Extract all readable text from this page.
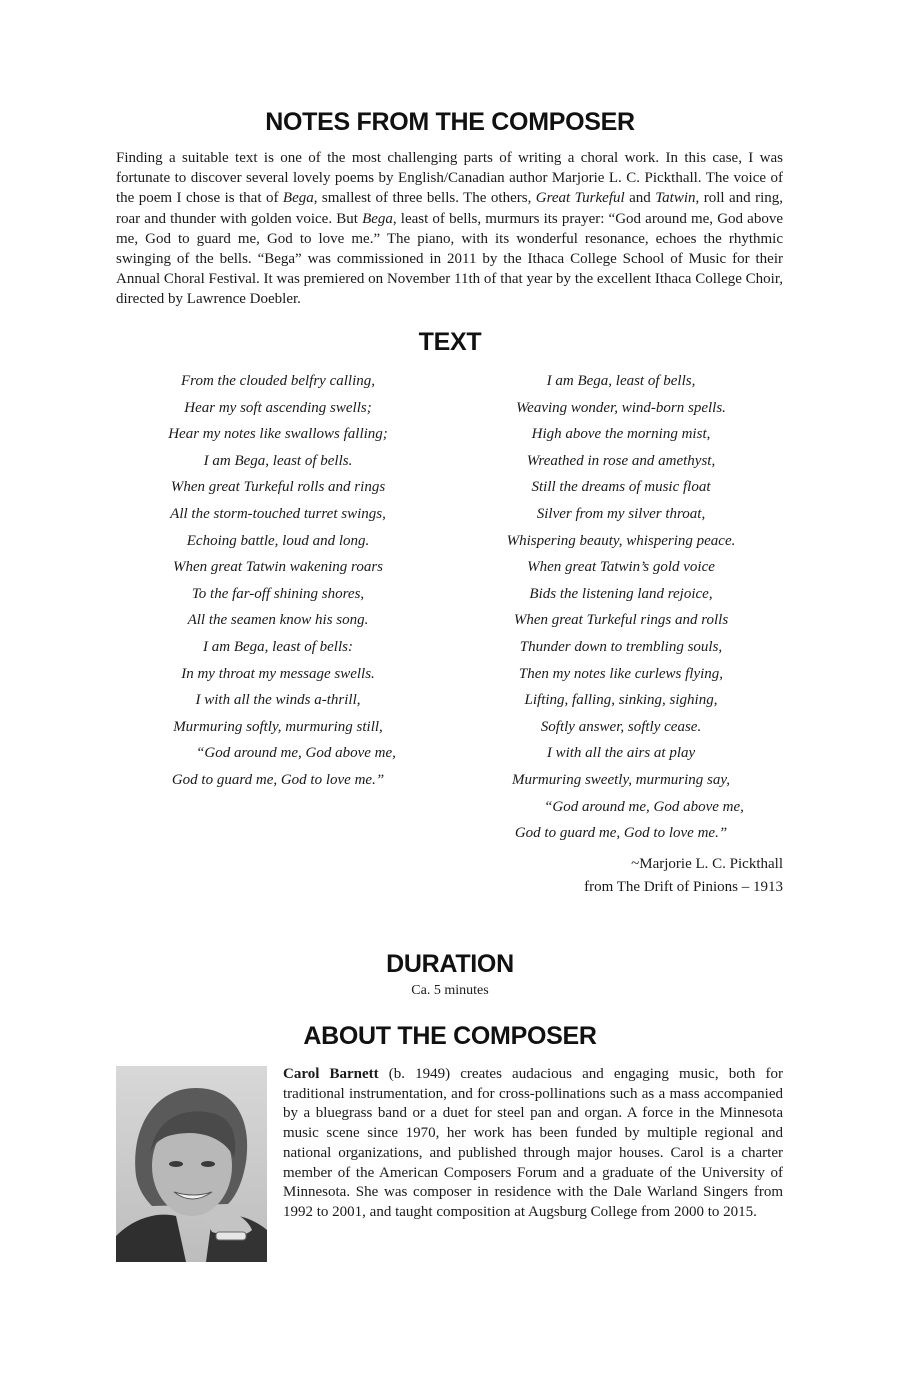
NOTES FROM THE COMPOSER

Finding a suitable text is one of the most challenging parts of writing a choral work. In this case, I was fortunate to discover several lovely poems by English/Canadian author Marjorie L. C. Pickthall. The voice of the poem I chose is that of Bega, smallest of three bells. The others, Great Turkeful and Tatwin, roll and ring, roar and thunder with golden voice. But Bega, least of bells, murmurs its prayer: “God around me, God above me, God to guard me, God to love me.” The piano, with its wonderful resonance, echoes the rhythmic swinging of the bells. “Bega” was commissioned in 2011 by the Ithaca College School of Music for their Annual Choral Festival. It was premiered on November 11th of that year by the excellent Ithaca College Choir, directed by Lawrence Doebler.

TEXT
From the clouded belfry calling,
Hear my soft ascending swells;
Hear my notes like swallows falling;
I am Bega, least of bells.
When great Turkeful rolls and rings
All the storm-touched turret swings,
Echoing battle, loud and long.
When great Tatwin wakening roars
To the far-off shining shores,
All the seamen know his song.
I am Bega, least of bells:
In my throat my message swells.
I with all the winds a-thrill,
Murmuring softly, murmuring still,
“God around me, God above me,
God to guard me, God to love me.”
I am Bega, least of bells,
Weaving wonder, wind-born spells.
High above the morning mist,
Wreathed in rose and amethyst,
Still the dreams of music float
Silver from my silver throat,
Whispering beauty, whispering peace.
When great Tatwin’s gold voice
Bids the listening land rejoice,
When great Turkeful rings and rolls
Thunder down to trembling souls,
Then my notes like curlews flying,
Lifting, falling, sinking, sighing,
Softly answer, softly cease.
I with all the airs at play
Murmuring sweetly, murmuring say,
“God around me, God above me,
God to guard me, God to love me.”
~Marjorie L. C. Pickthall
from The Drift of Pinions – 1913
DURATION

Ca. 5 minutes

ABOUT THE COMPOSER

Carol Barnett (b. 1949) creates audacious and engaging music, both for traditional instrumentation, and for cross-pollinations such as a mass accompanied by a bluegrass band or a duet for steel pan and organ. A force in the Minnesota music scene since 1970, her work has been funded by multiple regional and national organizations, and published through major houses. Carol is a charter member of the American Composers Forum and a graduate of the University of Minnesota. She was composer in residence with the Dale Warland Singers from 1992 to 2001, and taught composition at Augsburg College from 2000 to 2015.
